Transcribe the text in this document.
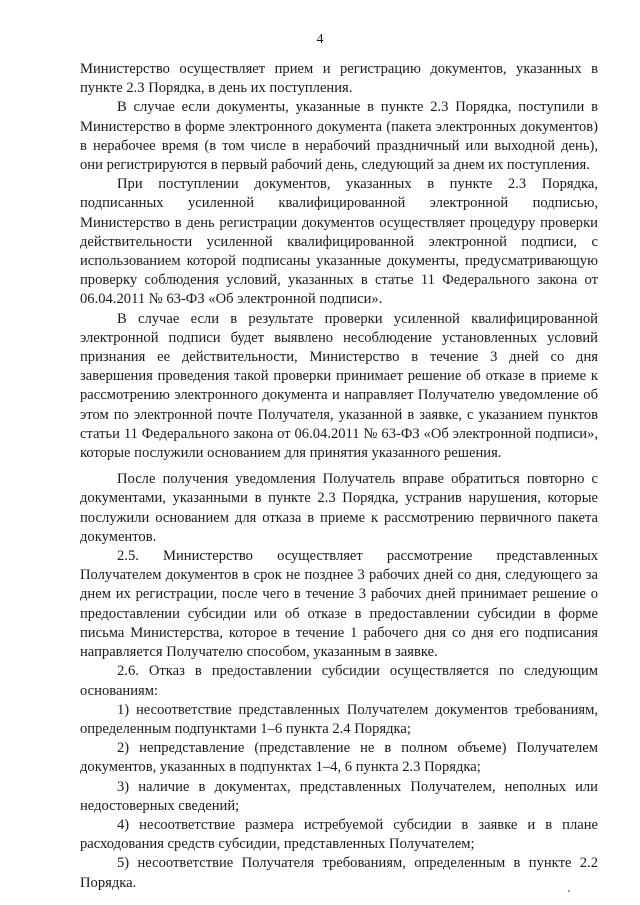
4

Министерство осуществляет прием и регистрацию документов, указанных в пункте 2.3 Порядка, в день их поступления.

В случае если документы, указанные в пункте 2.3 Порядка, поступили в Министерство в форме электронного документа (пакета электронных документов) в нерабочее время (в том числе в нерабочий праздничный или выходной день), они регистрируются в первый рабочий день, следующий за днем их поступления.

При поступлении документов, указанных в пункте 2.3 Порядка, подписанных усиленной квалифицированной электронной подписью, Министерство в день регистрации документов осуществляет процедуру проверки действительности усиленной квалифицированной электронной подписи, с использованием которой подписаны указанные документы, предусматривающую проверку соблюдения условий, указанных в статье 11 Федерального закона от 06.04.2011 № 63-ФЗ «Об электронной подписи».

В случае если в результате проверки усиленной квалифицированной электронной подписи будет выявлено несоблюдение установленных условий признания ее действительности, Министерство в течение 3 дней со дня завершения проведения такой проверки принимает решение об отказе в приеме к рассмотрению электронного документа и направляет Получателю уведомление об этом по электронной почте Получателя, указанной в заявке, с указанием пунктов статьи 11 Федерального закона от 06.04.2011 № 63-ФЗ «Об электронной подписи», которые послужили основанием для принятия указанного решения.

После получения уведомления Получатель вправе обратиться повторно с документами, указанными в пункте 2.3 Порядка, устранив нарушения, которые послужили основанием для отказа в приеме к рассмотрению первичного пакета документов.

2.5. Министерство осуществляет рассмотрение представленных Получателем документов в срок не позднее 3 рабочих дней со дня, следующего за днем их регистрации, после чего в течение 3 рабочих дней принимает решение о предоставлении субсидии или об отказе в предоставлении субсидии в форме письма Министерства, которое в течение 1 рабочего дня со дня его подписания направляется Получателю способом, указанным в заявке.

2.6. Отказ в предоставлении субсидии осуществляется по следующим основаниям:

1) несоответствие представленных Получателем документов требованиям, определенным подпунктами 1–6 пункта 2.4 Порядка;

2) непредставление (представление не в полном объеме) Получателем документов, указанных в подпунктах 1–4, 6 пункта 2.3 Порядка;

3) наличие в документах, представленных Получателем, неполных или недостоверных сведений;

4) несоответствие размера истребуемой субсидии в заявке и в плане расходования средств субсидии, представленных Получателем;

5) несоответствие Получателя требованиям, определенным в пункте 2.2 Порядка.
